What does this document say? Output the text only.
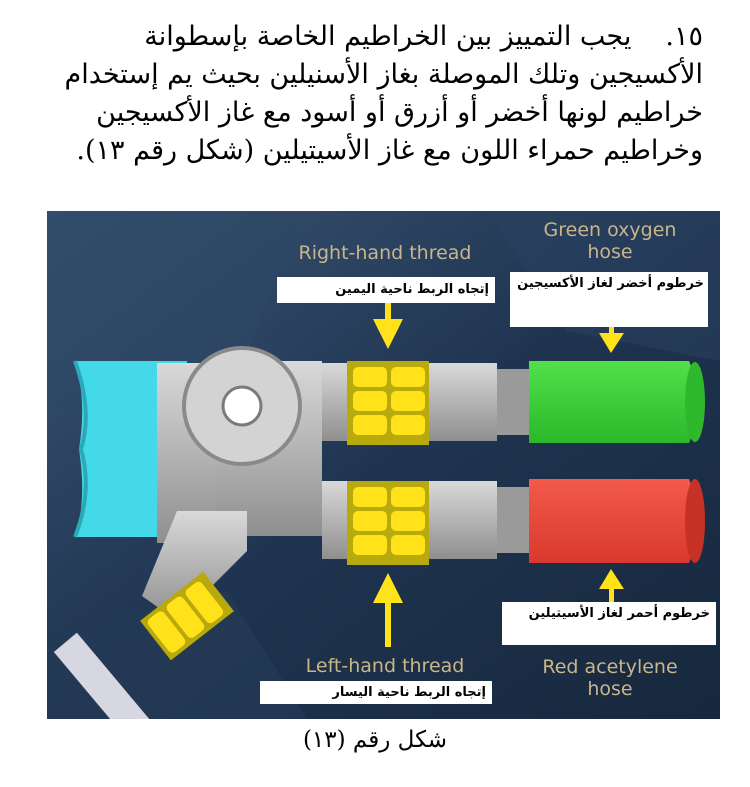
١٥.يجب التمييز بين الخراطيم الخاصة بإسطوانة الأكسيجين وتلك الموصلة بغاز الأسنيلين بحيث يم إستخدام خراطيم لونها أخضر أو أزرق أو أسود مع غاز الأكسيجين وخراطيم حمراء اللون مع غاز الأسيتيلين (شكل رقم ١٣).
Right-hand thread
Green oxygen
hose
Left-hand thread	Red acetylene
hose
إتجاه الربط ناحية اليمين	خرطوم أخضر لغاز الأكسيجين
خرطوم أحمر لغاز الأسيتيلين
إتجاه الربط ناحية اليسار
شكل رقم (١٣)
